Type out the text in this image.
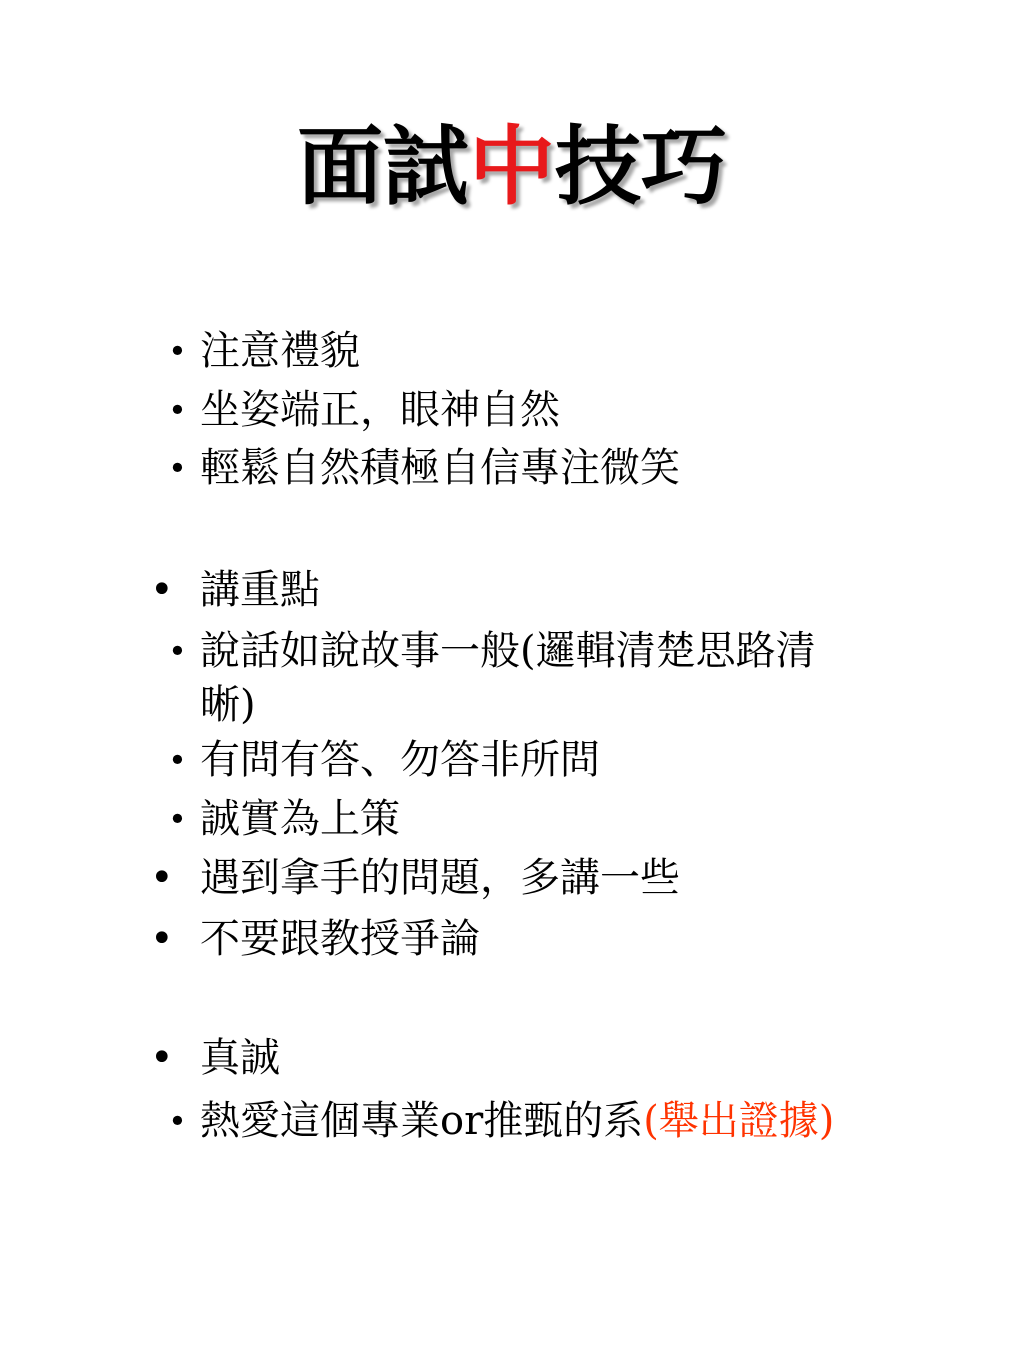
面試中技巧
• 注意禮貌
• 坐姿端正，眼神自然
• 輕鬆自然積極自信專注微笑
• 講重點
• 說話如說故事一般(邏輯清楚思路清
晰)
• 有問有答、勿答非所問
• 誠實為上策
• 遇到拿手的問題，多講一些
• 不要跟教授爭論
• 真誠
• 熱愛這個專業or推甄的系(舉出證據)
